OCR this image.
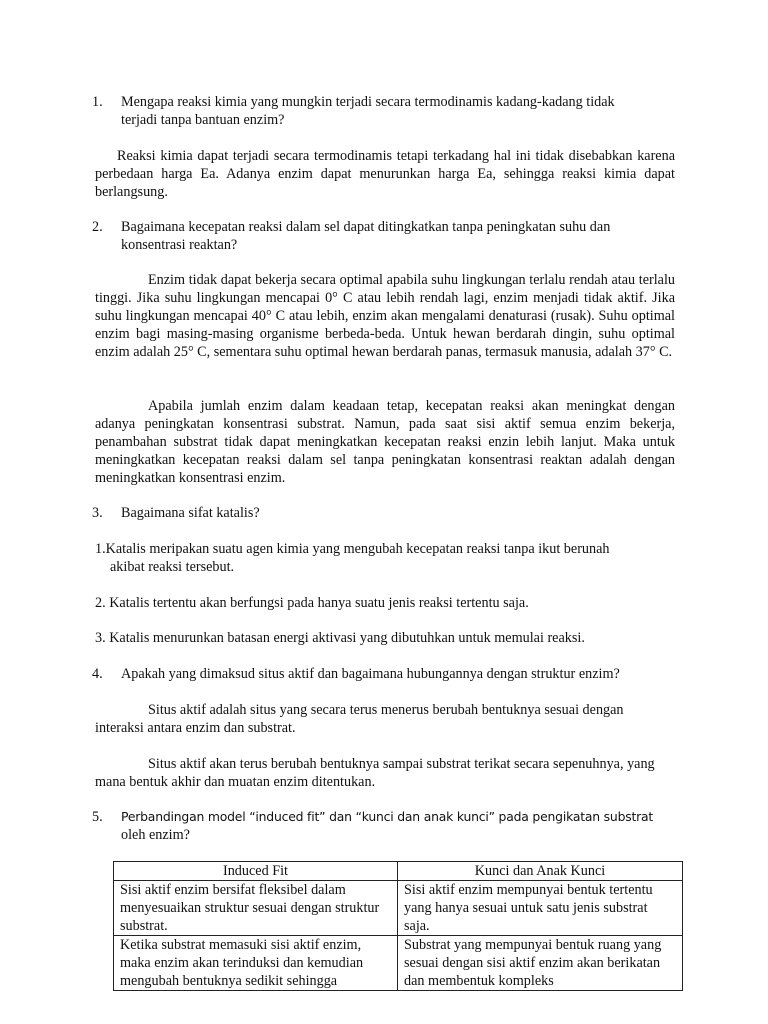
1. Mengapa reaksi kimia yang mungkin terjadi secara termodinamis kadang-kadang tidak
terjadi tanpa bantuan enzim?

Reaksi kimia dapat terjadi secara termodinamis tetapi terkadang hal ini tidak disebabkan karena perbedaan harga Ea. Adanya enzim dapat menurunkan harga Ea, sehingga reaksi kimia dapat berlangsung.

2. Bagaimana kecepatan reaksi dalam sel dapat ditingkatkan tanpa peningkatan suhu dan
konsentrasi reaktan?

Enzim tidak dapat bekerja secara optimal apabila suhu lingkungan terlalu rendah atau terlalu tinggi. Jika suhu lingkungan mencapai 0° C atau lebih rendah lagi, enzim menjadi tidak aktif. Jika suhu lingkungan mencapai 40° C atau lebih, enzim akan mengalami denaturasi (rusak). Suhu optimal enzim bagi masing-masing organisme berbeda-beda. Untuk hewan berdarah dingin, suhu optimal enzim adalah 25° C, sementara suhu optimal hewan berdarah panas, termasuk manusia, adalah 37° C.

Apabila jumlah enzim dalam keadaan tetap, kecepatan reaksi akan meningkat dengan adanya peningkatan konsentrasi substrat. Namun, pada saat sisi aktif semua enzim bekerja, penambahan substrat tidak dapat meningkatkan kecepatan reaksi enzin lebih lanjut. Maka untuk meningkatkan kecepatan reaksi dalam sel tanpa peningkatan konsentrasi reaktan adalah dengan meningkatkan konsentrasi enzim.

3. Bagaimana sifat katalis?
1.Katalis meripakan suatu agen kimia yang mengubah kecepatan reaksi tanpa ikut berunah
akibat reaksi tersebut.

2. Katalis tertentu akan berfungsi pada hanya suatu jenis reaksi tertentu saja.

3. Katalis menurunkan batasan energi aktivasi yang dibutuhkan untuk memulai reaksi.

4. Apakah yang dimaksud situs aktif dan bagaimana hubungannya dengan struktur enzim?

Situs aktif adalah situs yang secara terus menerus berubah bentuknya sesuai dengan interaksi antara enzim dan substrat.

Situs aktif akan terus berubah bentuknya sampai substrat terikat secara sepenuhnya, yang mana bentuk akhir dan muatan enzim ditentukan.

5. Perbandingan model “induced fit” dan “kunci dan anak kunci” pada pengikatan substrat
oleh enzim?
Induced Fit	Kunci dan Anak Kunci
Sisi aktif enzim bersifat fleksibel dalam menyesuaikan struktur sesuai dengan struktur substrat.	Sisi aktif enzim mempunyai bentuk tertentu yang hanya sesuai untuk satu jenis substrat saja.
Ketika substrat memasuki sisi aktif enzim, maka enzim akan terinduksi dan kemudian mengubah bentuknya sedikit sehingga	Substrat yang mempunyai bentuk ruang yang sesuai dengan sisi aktif enzim akan berikatan dan membentuk kompleks
